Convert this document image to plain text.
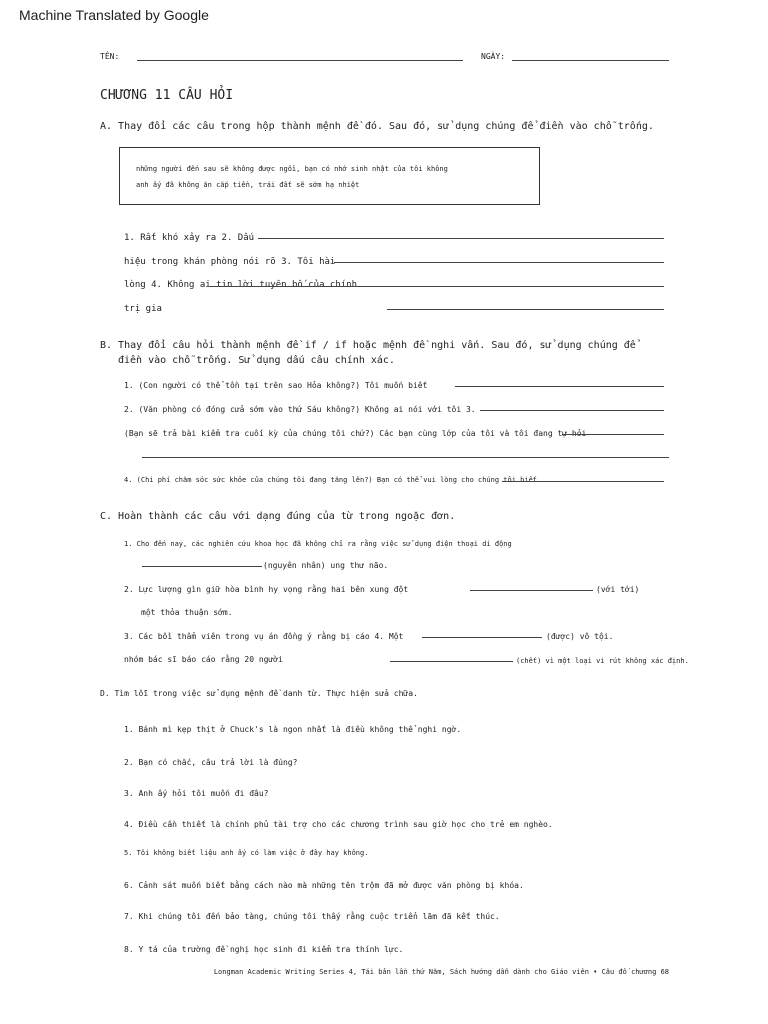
Machine Translated by Google
TÊN:	NGÀY:
CHƯƠNG 11 CÂU HỎI
A. Thay đổi các câu trong hộp thành mệnh đề đó. Sau đó, sử dụng chúng để điền vào chỗ trống.
những người đến sau sẽ không được ngồi, bạn có nhớ sinh nhật của tôi không
anh ấy đã không ăn cắp tiền, trái đất sẽ sớm hạ nhiệt
1. Rất khó xảy ra 2. Dấu
hiệu trong khán phòng nói rõ 3. Tôi hài
lòng 4. Không ai tin lời tuyên bố của chính
trị gia
B. Thay đổi câu hỏi thành mệnh đề if / if hoặc mệnh đề nghi vấn. Sau đó, sử dụng chúng để
điền vào chỗ trống. Sử dụng dấu câu chính xác.
1. (Con người có thể tồn tại trên sao Hỏa không?) Tôi muốn biết
2. (Văn phòng có đóng cửa sớm vào thứ Sáu không?) Không ai nói với tôi 3.
(Bạn sẽ trả bài kiểm tra cuối kỳ của chúng tôi chứ?) Các bạn cùng lớp của tôi và tôi đang tự hỏi
4. (Chi phí chăm sóc sức khỏe của chúng tôi đang tăng lên?) Bạn có thể vui lòng cho chúng tôi biết
C. Hoàn thành các câu với dạng đúng của từ trong ngoặc đơn.
1. Cho đến nay, các nghiên cứu khoa học đã không chỉ ra rằng việc sử dụng điện thoại di động
(nguyên nhân) ung thư não.
2. Lực lượng gìn giữ hòa bình hy vọng rằng hai bên xung đột	(với tới)
một thỏa thuận sớm.
3. Các bồi thẩm viên trong vụ án đồng ý rằng bị cáo 4. Một	(được) vô tội.
nhóm bác sĩ báo cáo rằng 20 người	(chết) vì một loại vi rút không xác định.
D. Tìm lỗi trong việc sử dụng mệnh đề danh từ. Thực hiện sửa chữa.
1. Bánh mì kẹp thịt ở Chuck's là ngon nhất là điều không thể nghi ngờ.
2. Bạn có chắc, câu trả lời là đúng?
3. Anh ấy hỏi tôi muốn đi đâu?
4. Điều cần thiết là chính phủ tài trợ cho các chương trình sau giờ học cho trẻ em nghèo.
5. Tôi không biết liệu anh ấy có làm việc ở đây hay không.
6. Cảnh sát muốn biết bằng cách nào mà những tên trộm đã mở được văn phòng bị khóa.
7. Khi chúng tôi đến bảo tàng, chúng tôi thấy rằng cuộc triển lãm đã kết thúc.
8. Y tá của trường đề nghị học sinh đi kiểm tra thính lực.
Longman Academic Writing Series 4, Tái bản lần thứ Năm, Sách hướng dẫn dành cho Giáo viên • Câu đố chương 68
